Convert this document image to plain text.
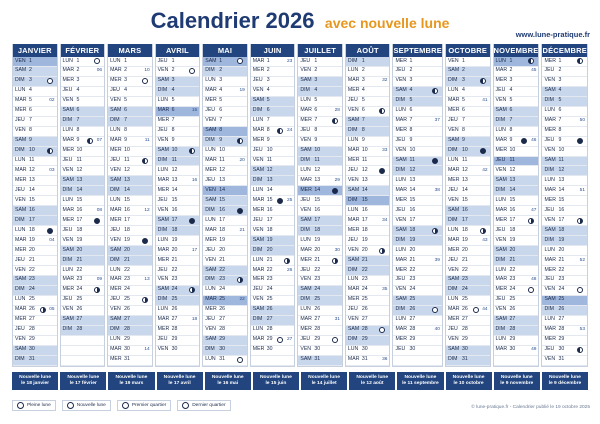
Calendrier 2026 avec nouvelle lune
www.lune-pratique.fr
JANVIER
VEN 1
SAM 2
DIM 3
LUN 4
MAR 5	02
MER 6
JEU 7
VEN 8
SAM 9
DIM 10
LUN 11
MAR 12	03
MER 13
JEU 14
VEN 15
SAM 16
DIM 17
LUN 18
MAR 19	04
MER 20
JEU 21
VEN 22
SAM 23
DIM 24
LUN 25
MAR 26	05
MER 27
JEU 28
VEN 29
SAM 30
DIM 31
FÉVRIER
LUN 1
MAR 2	06
MER 3
JEU 4
VEN 5
SAM 6
DIM 7
LUN 8
MAR 9	07
MER 10
JEU 11
VEN 12
SAM 13
DIM 14
LUN 15
MAR 16	08
MER 17
JEU 18
VEN 19
SAM 20
DIM 21
LUN 22
MAR 23	09
MER 24
JEU 25
VEN 26
SAM 27
DIM 28
MARS
LUN 1
MAR 2	10
MER 3
JEU 4
VEN 5
SAM 6
DIM 7
LUN 8
MAR 9	11
MER 10
JEU 11
VEN 12
SAM 13
DIM 14
LUN 15
MAR 16	12
MER 17
JEU 18
VEN 19
SAM 20
DIM 21
LUN 22
MAR 23	13
MER 24
JEU 25
VEN 26
SAM 27
DIM 28
LUN 29
MAR 30	14
MER 31
AVRIL
JEU 1
VEN 2
SAM 3
DIM 4
LUN 5
MAR 6	15
MER 7
JEU 8
VEN 9
SAM 10
DIM 11
LUN 12
MAR 13	16
MER 14
JEU 15
VEN 16
SAM 17
DIM 18
LUN 19
MAR 20	17
MER 21
JEU 22
VEN 23
SAM 24
DIM 25
LUN 26
MAR 27	18
MER 28
JEU 29
VEN 30
MAI
SAM 1
DIM 2
LUN 3
MAR 4	19
MER 5
JEU 6
VEN 7
SAM 8
DIM 9
LUN 10
MAR 11	20
MER 12
JEU 13
VEN 14
SAM 15
DIM 16
LUN 17
MAR 18	21
MER 19
JEU 20
VEN 21
SAM 22
DIM 23
LUN 24
MAR 25	22
MER 26
JEU 27
VEN 28
SAM 29
DIM 30
LUN 31
JUIN
MAR 1	23
MER 2
JEU 3
VEN 4
SAM 5
DIM 6
LUN 7
MAR 8	24
MER 9
JEU 10
VEN 11
SAM 12
DIM 13
LUN 14
MAR 15	25
MER 16
JEU 17
VEN 18
SAM 19
DIM 20
LUN 21
MAR 22	26
MER 23
JEU 24
VEN 25
SAM 26
DIM 27
LUN 28
MAR 29	27
MER 30
JUILLET
JEU 1
VEN 2
SAM 3
DIM 4
LUN 5
MAR 6	28
MER 7
JEU 8
VEN 9
SAM 10
DIM 11
LUN 12
MAR 13	29
MER 14
JEU 15
VEN 16
SAM 17
DIM 18
LUN 19
MAR 20	30
MER 21
JEU 22
VEN 23
SAM 24
DIM 25
LUN 26
MAR 27	31
MER 28
JEU 29
VEN 30
SAM 31
AOÛT
DIM 1
LUN 2
MAR 3	32
MER 4
JEU 5
VEN 6
SAM 7
DIM 8
LUN 9
MAR 10	33
MER 11
JEU 12
VEN 13
SAM 14
DIM 15
LUN 16
MAR 17	34
MER 18
JEU 19
VEN 20
SAM 21
DIM 22
LUN 23
MAR 24	35
MER 25
JEU 26
VEN 27
SAM 28
DIM 29
LUN 30
MAR 31	36
SEPTEMBRE
MER 1
JEU 2
VEN 3
SAM 4
DIM 5
LUN 6
MAR 7	37
MER 8
JEU 9
VEN 10
SAM 11
DIM 12
LUN 13
MAR 14	38
MER 15
JEU 16
VEN 17
SAM 18
DIM 19
LUN 20
MAR 21	39
MER 22
JEU 23
VEN 24
SAM 25
DIM 26
LUN 27
MAR 28	40
MER 29
JEU 30
OCTOBRE
VEN 1
SAM 2
DIM 3
LUN 4
MAR 5	41
MER 6
JEU 7
VEN 8
SAM 9
DIM 10
LUN 11
MAR 12	42
MER 13
JEU 14
VEN 15
SAM 16
DIM 17
LUN 18
MAR 19	43
MER 20
JEU 21
VEN 22
SAM 23
DIM 24
LUN 25
MAR 26	44
MER 27
JEU 28
VEN 29
SAM 30
DIM 31
NOVEMBRE
LUN 1
MAR 2	45
MER 3
JEU 4
VEN 5
SAM 6
DIM 7
LUN 8
MAR 9	46
MER 10
JEU 11
VEN 12
SAM 13
DIM 14
LUN 15
MAR 16	47
MER 17
JEU 18
VEN 19
SAM 20
DIM 21
LUN 22
MAR 23	48
MER 24
JEU 25
VEN 26
SAM 27
DIM 28
LUN 29
MAR 30	49
DÉCEMBRE
MER 1
JEU 2
VEN 3
SAM 4
DIM 5
LUN 6
MAR 7	50
MER 8
JEU 9
VEN 10
SAM 11
DIM 12
LUN 13
MAR 14	51
MER 15
JEU 16
VEN 17
SAM 18
DIM 19
LUN 20
MAR 21	52
MER 22
JEU 23
VEN 24
SAM 25
DIM 26
LUN 27
MAR 28	53
MER 29
JEU 30
VEN 31
Nouvelle lune
le 18 janvier
Nouvelle lune
le 17 février
Nouvelle lune
le 19 mars
Nouvelle lune
le 17 avril
Nouvelle lune
le 16 mai
Nouvelle lune
le 15 juin
Nouvelle lune
le 14 juillet
Nouvelle lune
le 12 août
Nouvelle lune
le 11 septembre
Nouvelle lune
le 10 octobre
Nouvelle lune
le 9 novembre
Nouvelle lune
le 9 décembre
Pleine lune	Nouvelle lune	Premier quartier	Dernier quartier	© lune-pratique.fr - Calendrier publié le 19 octobre 2025
